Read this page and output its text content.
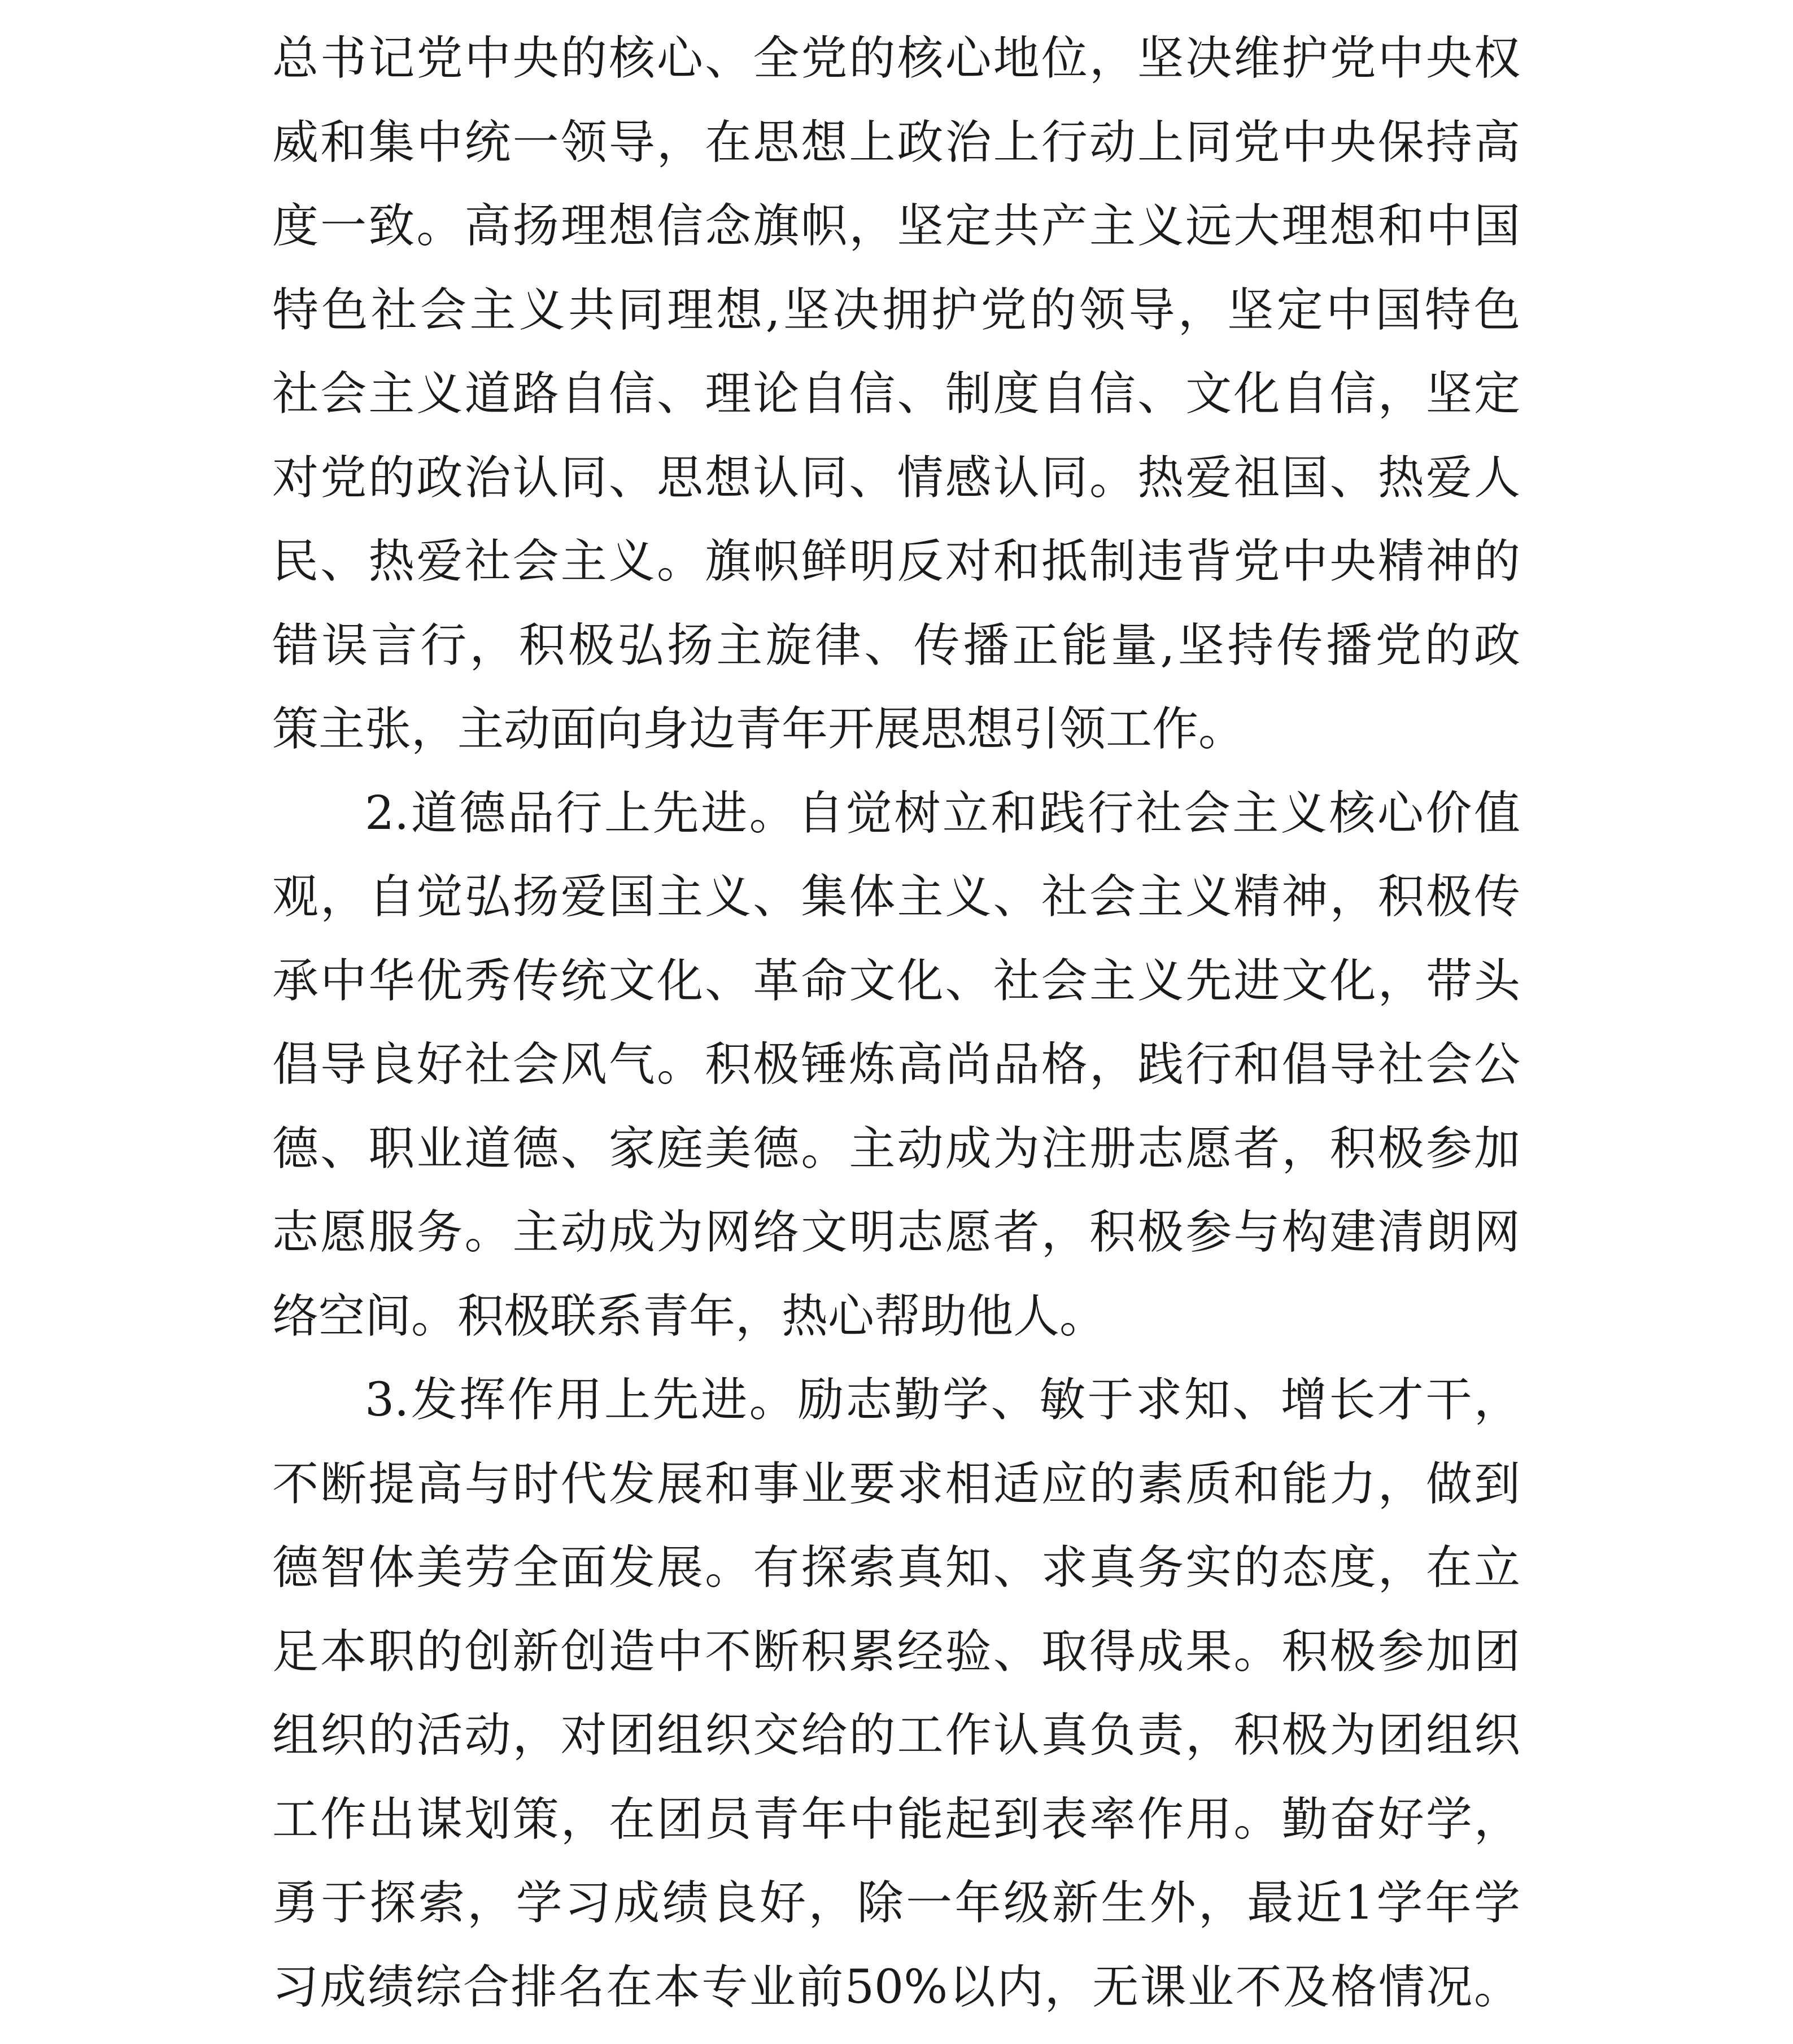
总书记党中央的核心、全党的核心地位，坚决维护党中央权
威和集中统一领导，在思想上政治上行动上同党中央保持高
度一致。高扬理想信念旗帜，坚定共产主义远大理想和中国
特色社会主义共同理想,坚决拥护党的领导，坚定中国特色
社会主义道路自信、理论自信、制度自信、文化自信，坚定
对党的政治认同、思想认同、情感认同。热爱祖国、热爱人
民、热爱社会主义。旗帜鲜明反对和抵制违背党中央精神的
错误言行，积极弘扬主旋律、传播正能量,坚持传播党的政
策主张，主动面向身边青年开展思想引领工作。
2.道德品行上先进。自觉树立和践行社会主义核心价值
观，自觉弘扬爱国主义、集体主义、社会主义精神，积极传
承中华优秀传统文化、革命文化、社会主义先进文化，带头
倡导良好社会风气。积极锤炼高尚品格，践行和倡导社会公
德、职业道德、家庭美德。主动成为注册志愿者，积极参加
志愿服务。主动成为网络文明志愿者，积极参与构建清朗网
络空间。积极联系青年，热心帮助他人。
3.发挥作用上先进。励志勤学、敏于求知、增长才干，
不断提高与时代发展和事业要求相适应的素质和能力，做到
德智体美劳全面发展。有探索真知、求真务实的态度，在立
足本职的创新创造中不断积累经验、取得成果。积极参加团
组织的活动，对团组织交给的工作认真负责，积极为团组织
工作出谋划策，在团员青年中能起到表率作用。勤奋好学，
勇于探索，学习成绩良好，除一年级新生外，最近1学年学
习成绩综合排名在本专业前50%以内，无课业不及格情况。
